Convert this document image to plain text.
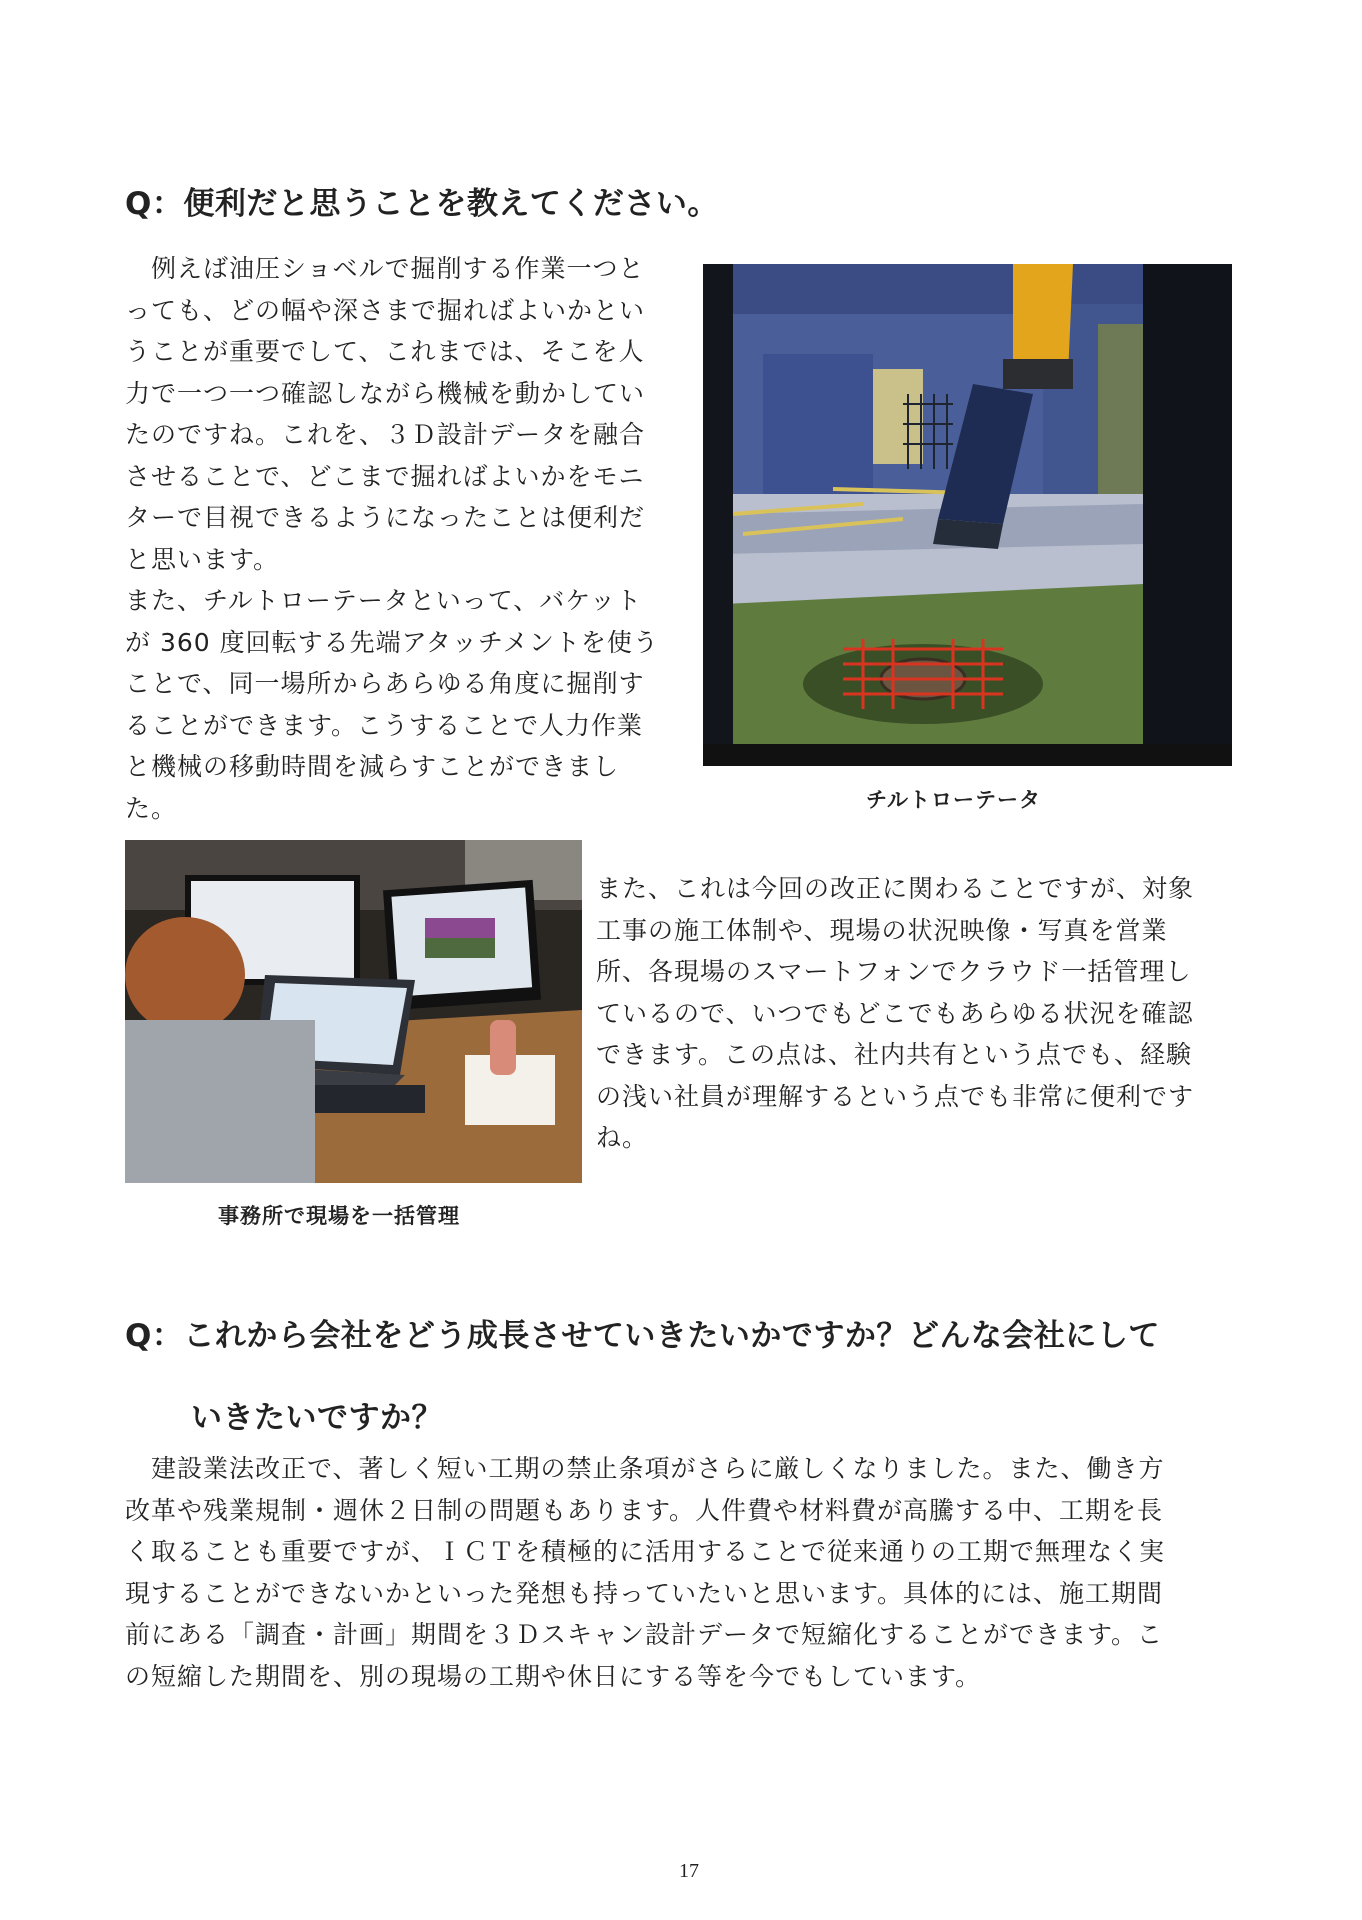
Q：便利だと思うことを教えてください。

　例えば油圧ショベルで掘削する作業一つと
っても、どの幅や深さまで掘ればよいかとい
うことが重要でして、これまでは、そこを人
力で一つ一つ確認しながら機械を動かしてい
たのですね。これを、３Ｄ設計データを融合
させることで、どこまで掘ればよいかをモニ
ターで目視できるようになったことは便利だ
と思います。
また、チルトローテータといって、バケット
が 360 度回転する先端アタッチメントを使う
ことで、同一場所からあらゆる角度に掘削す
ることができます。こうすることで人力作業
と機械の移動時間を減らすことができまし
た。	チルトローテータ
事務所で現場を一括管理

また、これは今回の改正に関わることですが、対象
工事の施工体制や、現場の状況映像・写真を営業
所、各現場のスマートフォンでクラウド一括管理し
ているので、いつでもどこでもあらゆる状況を確認
できます。この点は、社内共有という点でも、経験
の浅い社員が理解するという点でも非常に便利です
ね。

Q：これから会社をどう成長させていきたいかですか？どんな会社にして
いきたいですか？

　建設業法改正で、著しく短い工期の禁止条項がさらに厳しくなりました。また、働き方
改革や残業規制・週休２日制の問題もあります。人件費や材料費が高騰する中、工期を長
く取ることも重要ですが、ＩＣＴを積極的に活用することで従来通りの工期で無理なく実
現することができないかといった発想も持っていたいと思います。具体的には、施工期間
前にある「調査・計画」期間を３Ｄスキャン設計データで短縮化することができます。こ
の短縮した期間を、別の現場の工期や休日にする等を今でもしています。

17
